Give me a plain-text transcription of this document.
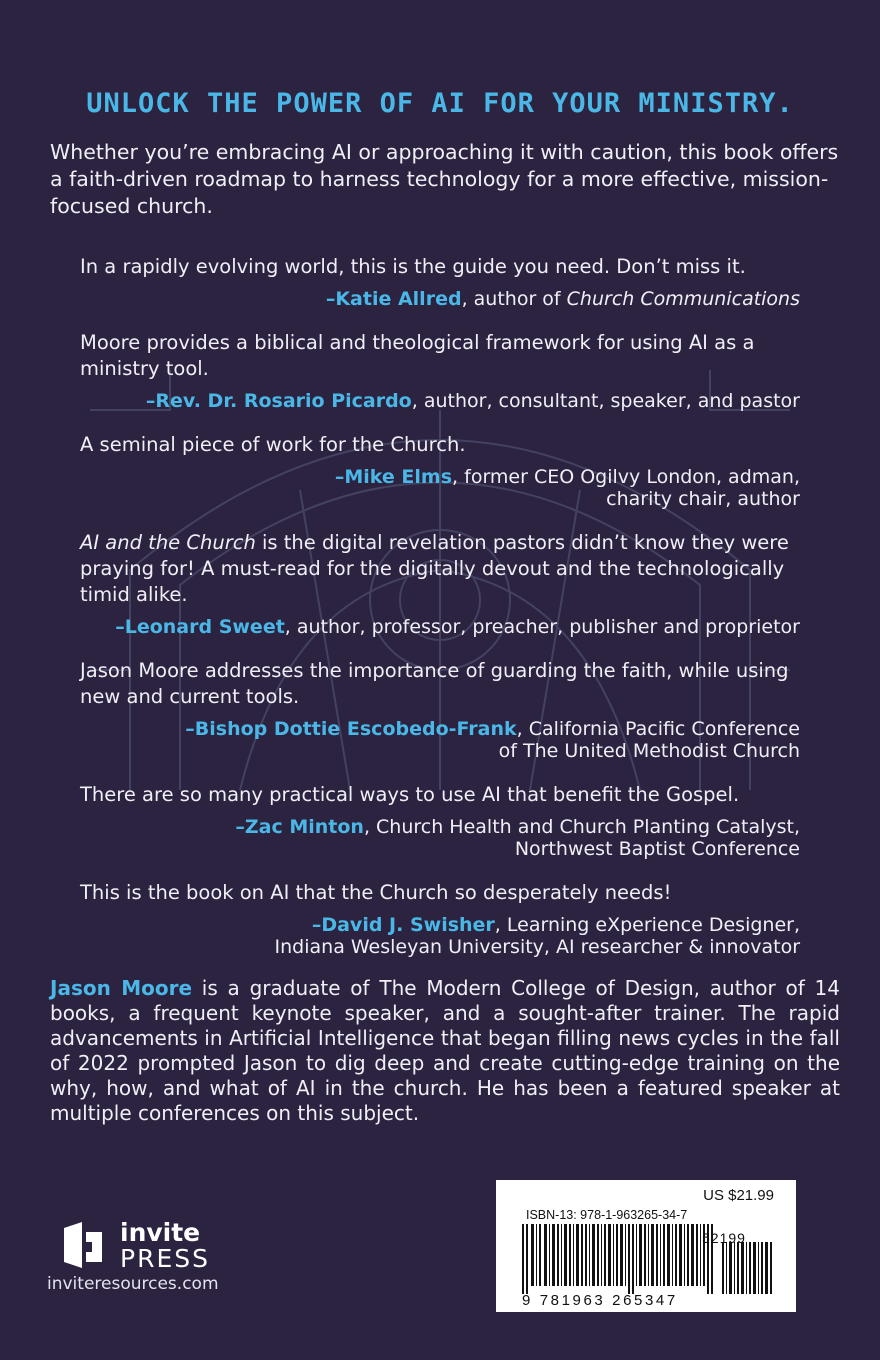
UNLOCK THE POWER OF AI FOR YOUR MINISTRY.
Whether you’re embracing AI or approaching it with caution, this book offers a faith-driven roadmap to harness technology for a more effective, mission-focused church.
In a rapidly evolving world, this is the guide you need. Don’t miss it.
–Katie Allred, author of Church Communications
Moore provides a biblical and theological framework for using AI as a ministry tool.
–Rev. Dr. Rosario Picardo, author, consultant, speaker, and pastor
A seminal piece of work for the Church.
–Mike Elms, former CEO Ogilvy London, adman,
charity chair, author
AI and the Church is the digital revelation pastors didn’t know they were praying for! A must-read for the digitally devout and the technologically timid alike.
–Leonard Sweet, author, professor, preacher, publisher and proprietor
Jason Moore addresses the importance of guarding the faith, while using new and current tools.
–Bishop Dottie Escobedo-Frank, California Pacific Conference
of The United Methodist Church
There are so many practical ways to use AI that benefit the Gospel.
–Zac Minton, Church Health and Church Planting Catalyst,
Northwest Baptist Conference
This is the book on AI that the Church so desperately needs!
–David J. Swisher, Learning eXperience Designer,
Indiana Wesleyan University, AI researcher & innovator
Jason Moore is a graduate of The Modern College of Design, author of 14 books, a frequent keynote speaker, and a sought-after trainer. The rapid advancements in Artificial Intelligence that began filling news cycles in the fall of 2022 prompted Jason to dig deep and create cutting-edge training on the why, how, and what of AI in the church. He has been a featured speaker at multiple conferences on this subject.
invite
PRESS
inviteresources.com
US $21.99
ISBN-13: 978-1-963265-34-7
52199
9 781963 265347
